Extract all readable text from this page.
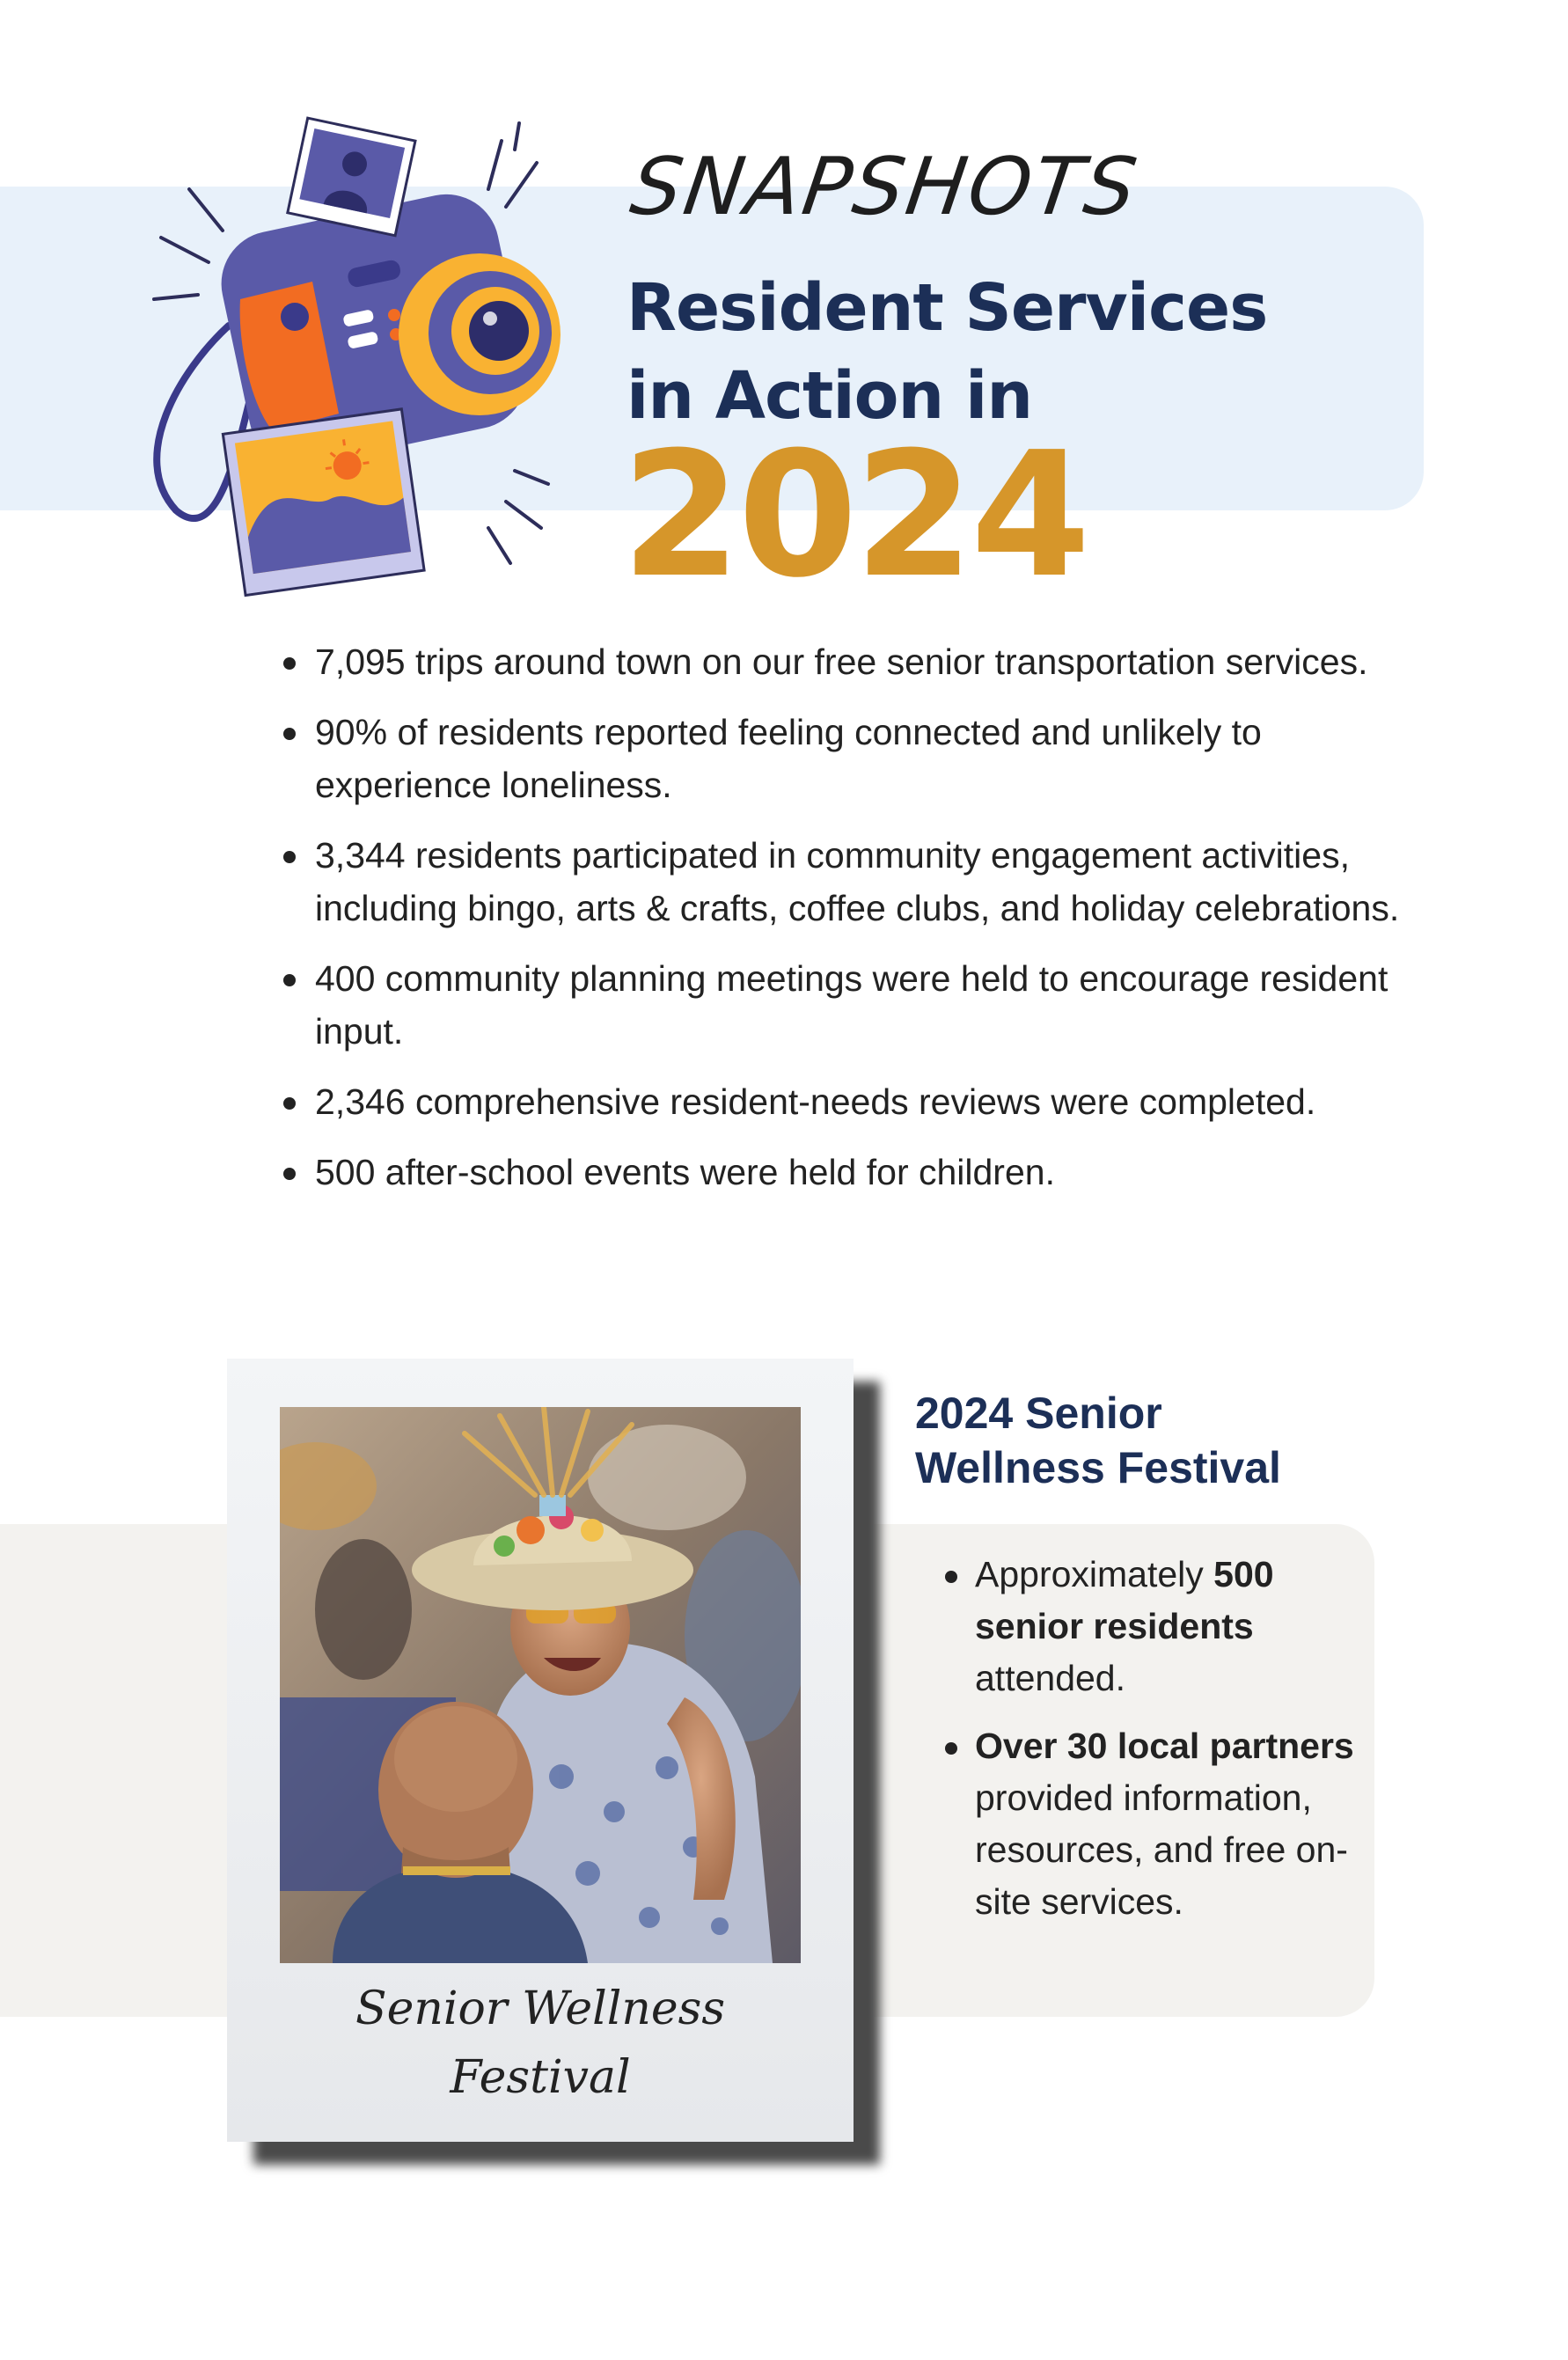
SNAPSHOTS
Resident Services
in Action in
2024
7,095 trips around town on our free senior transportation services.
90% of residents reported feeling connected and unlikely to experience loneliness.
3,344 residents participated in community engagement activities, including bingo, arts & crafts, coffee clubs, and holiday celebrations.
400 community planning meetings were held to encourage resident input.
2,346 comprehensive resident-needs reviews were completed.
500 after-school events were held for children.
Senior Wellness
Festival
2024 Senior
Wellness Festival
Approximately 500 senior residents attended.
Over 30 local partners provided information, resources, and free on-site services.
